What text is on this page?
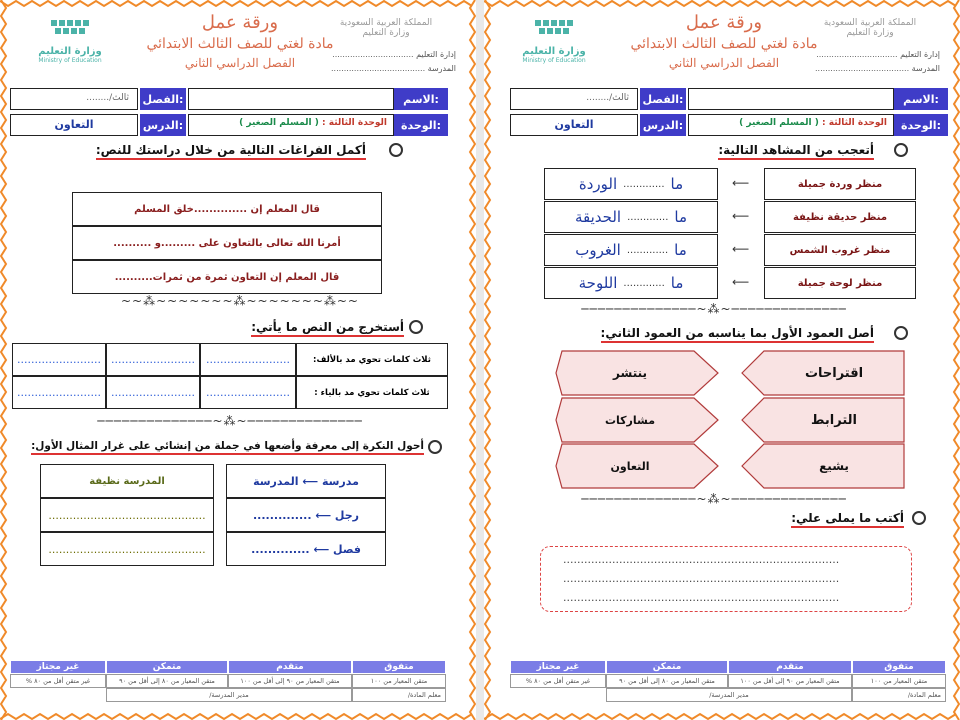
ورقة عمل
مادة لغتي للصف الثالث الابتدائي
الفصل الدراسي الثاني
المملكة العربية السعودية
وزارة التعليم
إدارة التعليم ................................
المدرسة .....................................
وزارة التعليم
Ministry of Education
الاسم:
الفصل:
ثالث/........
الوحدة:
الوحدة الثالثة : ( المسلم الصغير )
الدرس:
التعاون
أكمل الفراغات التالية من خلال دراستك للنص:
قال المعلم إن ..............خلق المسلم
أمرنا الله تعالى بالتعاون على .........و ..........
قال المعلم إن التعاون ثمرة من ثمرات..........
~~⁂~~~~~~~⁂~~~~~~~⁂~~
أستخرج من النص ما يأتي:
ثلاث كلمات تحوي مد بالألف:
ثلاث كلمات تحوي مد بالياء :
........................
........................
........................
........................
........................
........................
──────────────~⁂~──────────────
أحول النكرة إلى معرفة وأضعها في جملة من إنشائي على غرار المثال الأول:
مدرسة ⟵ المدرسة
المدرسة نظيفة
رجل ⟵ ..............
.............................................
فصل ⟵ ..............
.............................................
متفوق
متقدم
متمكن
غير مجتاز
متقن المعيار من ١٠٠
متقن المعيار من ٩٠ إلى أقل من ١٠٠
متقن المعيار من ٨٠ إلى أقل من ٩٠
غير متقن أقل من ٨٠ %
معلم المادة/
مدير المدرسة/
ورقة عمل
مادة لغتي للصف الثالث الابتدائي
الفصل الدراسي الثاني
المملكة العربية السعودية
وزارة التعليم
إدارة التعليم ................................
المدرسة .....................................
وزارة التعليم
Ministry of Education
الاسم:
الفصل:
ثالث/........
الوحدة:
الوحدة الثالثة : ( المسلم الصغير )
الدرس:
التعاون
أتعجب من المشاهد التالية:
منظر وردة جميلة
منظر حديقة نظيفة
منظر غروب الشمس
منظر لوحة جميلة
⟵
⟵
⟵
⟵
ما
.............
الوردة
ما
.............
الحديقة
ما
.............
الغروب
ما
.............
اللوحة
──────────────~⁂~──────────────
أصل العمود الأول بما يناسبه من العمود الثاني:
اقتراحات
الترابط
يشيع
ينتشر
مشاركات
التعاون
──────────────~⁂~──────────────
أكتب ما يملى علي:
...............................................................................
...............................................................................
...............................................................................
متفوق
متقدم
متمكن
غير مجتاز
متقن المعيار من ١٠٠
متقن المعيار من ٩٠ إلى أقل من ١٠٠
متقن المعيار من ٨٠ إلى أقل من ٩٠
غير متقن أقل من ٨٠ %
معلم المادة/
مدير المدرسة/
